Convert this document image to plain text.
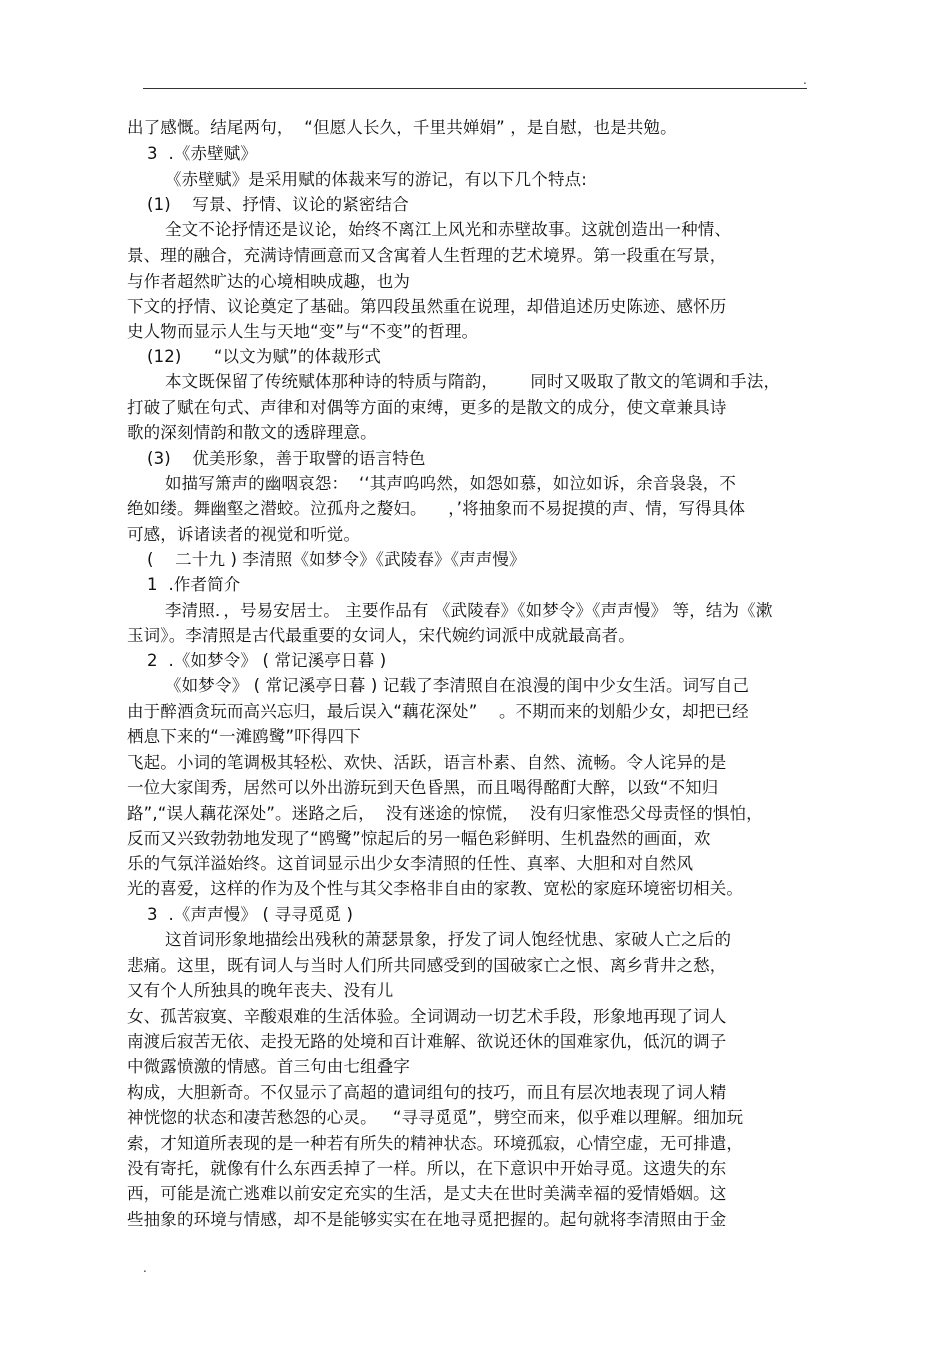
.
出了感慨。结尾两句，  “但愿人长久，千里共婵娟” ，是自慰，也是共勉。
3  .《赤壁赋》
《赤壁赋》是采用赋的体裁来写的游记，有以下几个特点:
(1)    写景、抒情、议论的紧密结合
全文不论抒情还是议论，始终不离江上风光和赤壁故事。这就创造出一种情、
景、理的融合，充满诗情画意而又含寓着人生哲理的艺术境界。第一段重在写景，
与作者超然旷达的心境相映成趣，也为
下文的抒情、议论奠定了基础。第四段虽然重在说理，却借追述历史陈迹、感怀历
史人物而显示人生与天地“变”与“不变”的哲理。
(12)      “以文为赋”的体裁形式
本文既保留了传统赋体那种诗的特质与隋韵，      同时又吸取了散文的笔调和手法，
打破了赋在句式、声律和对偶等方面的束缚，更多的是散文的成分，使文章兼具诗
歌的深刻情韵和散文的透辟理意。
(3)    优美形象，善于取譬的语言特色
如描写箫声的幽咽哀怨：  ‘‘其声呜呜然，如怨如慕，如泣如诉，余音袅袅，不
绝如缕。舞幽壑之潜蛟。泣孤舟之嫠妇。    ，’将抽象而不易捉摸的声、情，写得具体
可感，诉诸读者的视觉和听觉。
(    二十九 ) 李清照《如梦令》《武陵春》《声声慢》
1  .作者简介
李清照．，号易安居士。 主要作品有 《武陵春》《如梦令》《声声慢》 等，结为《漱
玉词》。李清照是古代最重要的女词人，宋代婉约词派中成就最高者。
2  .《如梦令》 ( 常记溪亭日暮 )
《如梦令》 ( 常记溪亭日暮 ) 记载了李清照自在浪漫的闺中少女生活。词写自己
由于醉酒贪玩而高兴忘归，最后误入“藕花深处”    。不期而来的划船少女，却把已经
栖息下来的“一滩鸥鹭”吓得四下
飞起。小词的笔调极其轻松、欢快、活跃，语言朴素、自然、流畅。令人诧异的是
一位大家闺秀，居然可以外出游玩到天色昏黑，而且喝得酩酊大醉，以致“不知归
路”,“误人藕花深处”。迷路之后，  没有迷途的惊慌，  没有归家惟恐父母责怪的惧怕，
反而又兴致勃勃地发现了“鸥鹭”惊起后的另一幅色彩鲜明、生机盎然的画面，欢
乐的气氛洋溢始终。这首词显示出少女李清照的任性、真率、大胆和对自然风
光的喜爱，这样的作为及个性与其父李格非自由的家教、宽松的家庭环境密切相关。
3  .《声声慢》 ( 寻寻觅觅 )
这首词形象地描绘出残秋的萧瑟景象，抒发了词人饱经忧患、家破人亡之后的
悲痛。这里，既有词人与当时人们所共同感受到的国破家亡之恨、离乡背井之愁，
又有个人所独具的晚年丧夫、没有儿
女、孤苦寂寞、辛酸艰难的生活体验。全词调动一切艺术手段，形象地再现了词人
南渡后寂苦无依、走投无路的处境和百计难解、欲说还休的国难家仇，低沉的调子
中微露愤激的情感。首三句由七组叠字
构成，大胆新奇。不仅显示了高超的遣词组句的技巧，而且有层次地表现了词人精
神恍惚的状态和凄苦愁怨的心灵。   “寻寻觅觅”，劈空而来，似乎难以理解。细加玩
索，才知道所表现的是一种若有所失的精神状态。环境孤寂，心情空虚，无可排遣，
没有寄托，就像有什么东西丢掉了一样。所以，在下意识中开始寻觅。这遗失的东
西，可能是流亡逃难以前安定充实的生活，是丈夫在世时美满幸福的爱情婚姻。这
些抽象的环境与情感，却不是能够实实在在地寻觅把握的。起句就将李清照由于金
.
